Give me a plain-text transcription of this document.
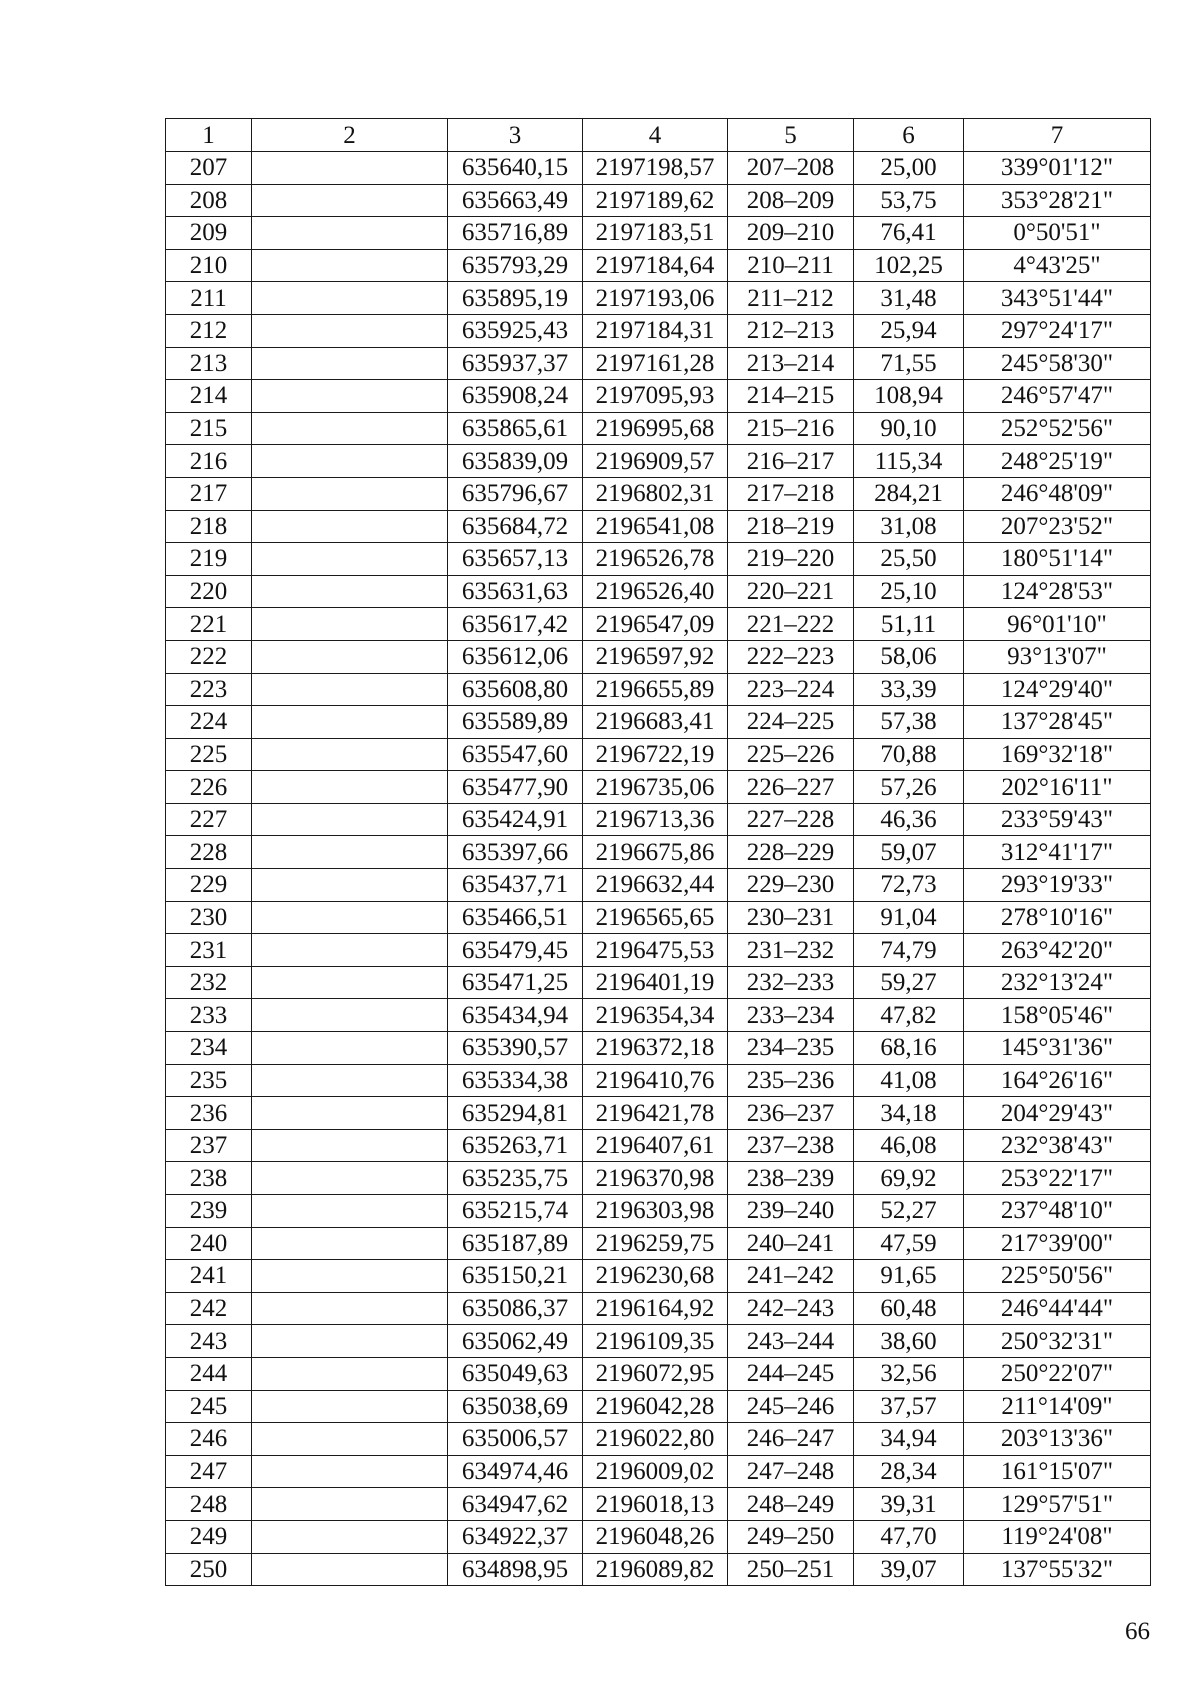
1	2	3	4	5	6	7
207		635640,15	2197198,57	207–208	25,00	339°01'12"
208		635663,49	2197189,62	208–209	53,75	353°28'21"
209		635716,89	2197183,51	209–210	76,41	0°50'51"
210		635793,29	2197184,64	210–211	102,25	4°43'25"
211		635895,19	2197193,06	211–212	31,48	343°51'44"
212		635925,43	2197184,31	212–213	25,94	297°24'17"
213		635937,37	2197161,28	213–214	71,55	245°58'30"
214		635908,24	2197095,93	214–215	108,94	246°57'47"
215		635865,61	2196995,68	215–216	90,10	252°52'56"
216		635839,09	2196909,57	216–217	115,34	248°25'19"
217		635796,67	2196802,31	217–218	284,21	246°48'09"
218		635684,72	2196541,08	218–219	31,08	207°23'52"
219		635657,13	2196526,78	219–220	25,50	180°51'14"
220		635631,63	2196526,40	220–221	25,10	124°28'53"
221		635617,42	2196547,09	221–222	51,11	96°01'10"
222		635612,06	2196597,92	222–223	58,06	93°13'07"
223		635608,80	2196655,89	223–224	33,39	124°29'40"
224		635589,89	2196683,41	224–225	57,38	137°28'45"
225		635547,60	2196722,19	225–226	70,88	169°32'18"
226		635477,90	2196735,06	226–227	57,26	202°16'11"
227		635424,91	2196713,36	227–228	46,36	233°59'43"
228		635397,66	2196675,86	228–229	59,07	312°41'17"
229		635437,71	2196632,44	229–230	72,73	293°19'33"
230		635466,51	2196565,65	230–231	91,04	278°10'16"
231		635479,45	2196475,53	231–232	74,79	263°42'20"
232		635471,25	2196401,19	232–233	59,27	232°13'24"
233		635434,94	2196354,34	233–234	47,82	158°05'46"
234		635390,57	2196372,18	234–235	68,16	145°31'36"
235		635334,38	2196410,76	235–236	41,08	164°26'16"
236		635294,81	2196421,78	236–237	34,18	204°29'43"
237		635263,71	2196407,61	237–238	46,08	232°38'43"
238		635235,75	2196370,98	238–239	69,92	253°22'17"
239		635215,74	2196303,98	239–240	52,27	237°48'10"
240		635187,89	2196259,75	240–241	47,59	217°39'00"
241		635150,21	2196230,68	241–242	91,65	225°50'56"
242		635086,37	2196164,92	242–243	60,48	246°44'44"
243		635062,49	2196109,35	243–244	38,60	250°32'31"
244		635049,63	2196072,95	244–245	32,56	250°22'07"
245		635038,69	2196042,28	245–246	37,57	211°14'09"
246		635006,57	2196022,80	246–247	34,94	203°13'36"
247		634974,46	2196009,02	247–248	28,34	161°15'07"
248		634947,62	2196018,13	248–249	39,31	129°57'51"
249		634922,37	2196048,26	249–250	47,70	119°24'08"
250		634898,95	2196089,82	250–251	39,07	137°55'32"
66
